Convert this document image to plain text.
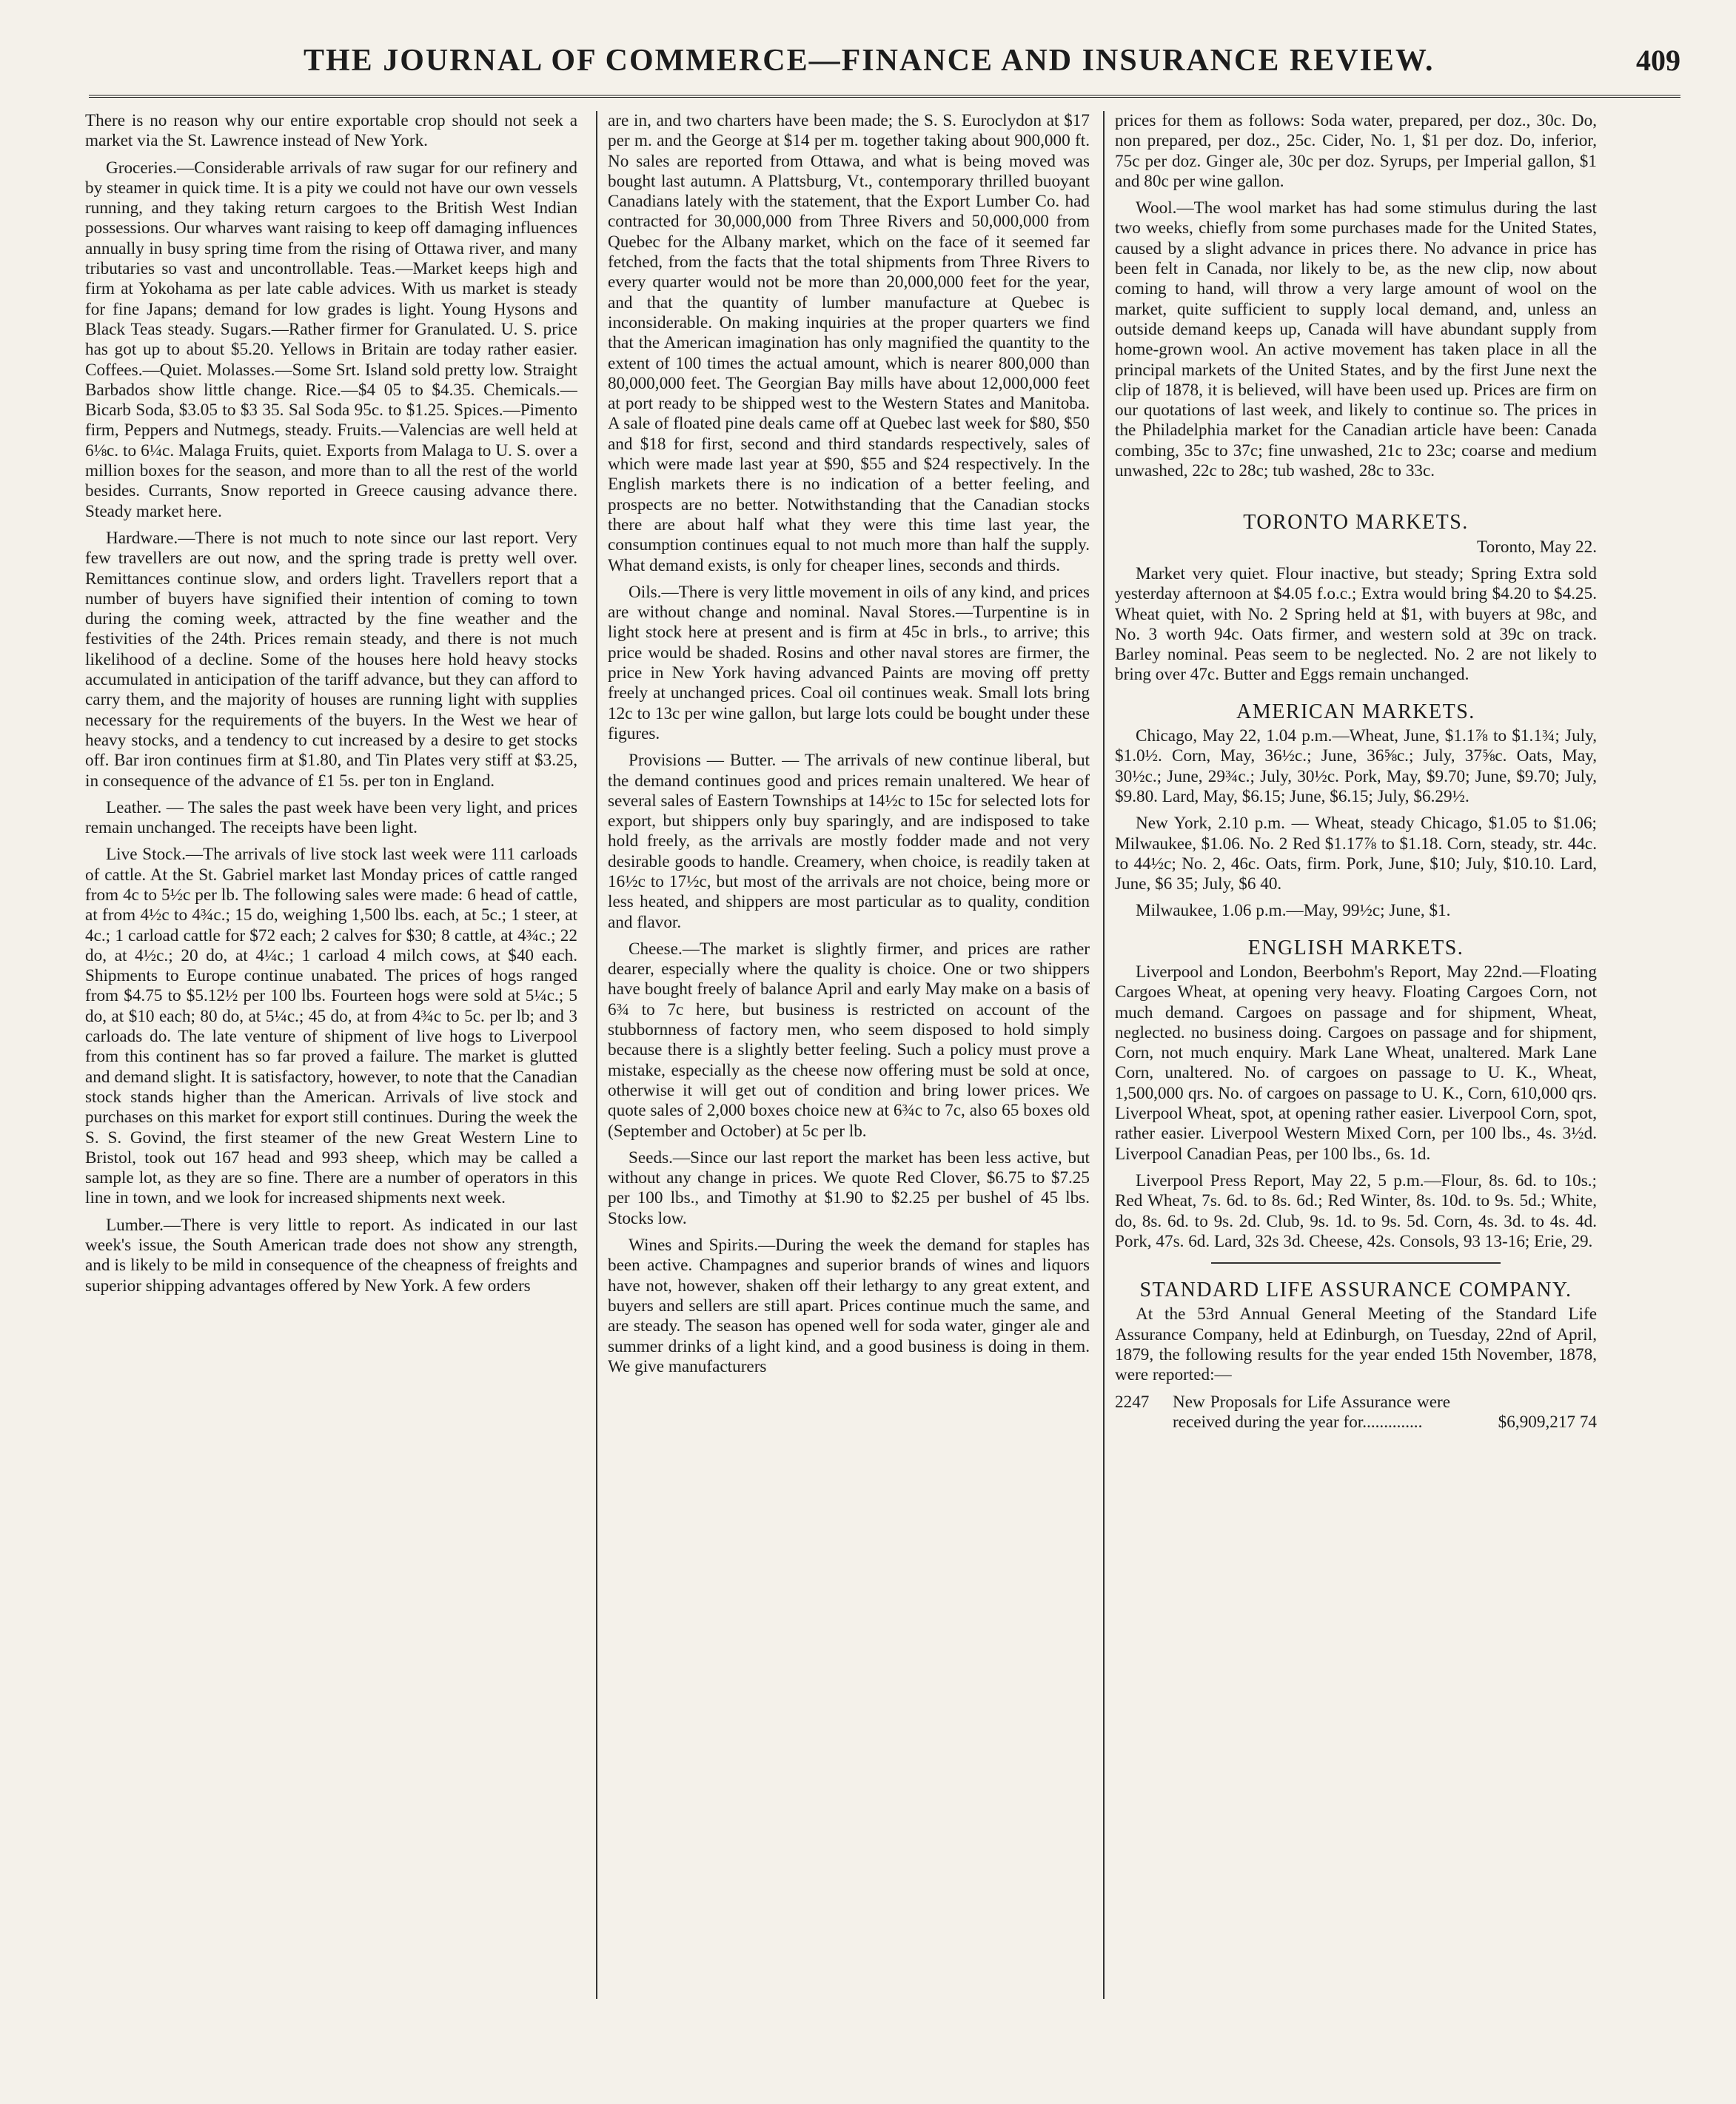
THE JOURNAL OF COMMERCE—FINANCE AND INSURANCE REVIEW.	409

There is no reason why our entire exportable crop should not seek a market via the St. Lawrence instead of New York.

Groceries.—Considerable arrivals of raw sugar for our refinery and by steamer in quick time. It is a pity we could not have our own vessels running, and they taking return cargoes to the British West Indian possessions. Our wharves want raising to keep off damaging influences annually in busy spring time from the rising of Ottawa river, and many tributaries so vast and uncontrollable. Teas.—Market keeps high and firm at Yokohama as per late cable advices. With us market is steady for fine Japans; demand for low grades is light. Young Hysons and Black Teas steady. Sugars.—Rather firmer for Granulated. U. S. price has got up to about $5.20. Yellows in Britain are today rather easier. Coffees.—Quiet. Molasses.—Some Srt. Island sold pretty low. Straight Barbados show little change. Rice.—$4 05 to $4.35. Chemicals.—Bicarb Soda, $3.05 to $3 35. Sal Soda 95c. to $1.25. Spices.—Pimento firm, Peppers and Nutmegs, steady. Fruits.—Valencias are well held at 6⅛c. to 6¼c. Malaga Fruits, quiet. Exports from Malaga to U. S. over a million boxes for the season, and more than to all the rest of the world besides. Currants, Snow reported in Greece causing advance there. Steady market here.

Hardware.—There is not much to note since our last report. Very few travellers are out now, and the spring trade is pretty well over. Remittances continue slow, and orders light. Travellers report that a number of buyers have signified their intention of coming to town during the coming week, attracted by the fine weather and the festivities of the 24th. Prices remain steady, and there is not much likelihood of a decline. Some of the houses here hold heavy stocks accumulated in anticipation of the tariff advance, but they can afford to carry them, and the majority of houses are running light with supplies necessary for the requirements of the buyers. In the West we hear of heavy stocks, and a tendency to cut increased by a desire to get stocks off. Bar iron continues firm at $1.80, and Tin Plates very stiff at $3.25, in consequence of the advance of £1 5s. per ton in England.

Leather. — The sales the past week have been very light, and prices remain unchanged. The receipts have been light.

Live Stock.—The arrivals of live stock last week were 111 carloads of cattle. At the St. Gabriel market last Monday prices of cattle ranged from 4c to 5½c per lb. The following sales were made: 6 head of cattle, at from 4½c to 4¾c.; 15 do, weighing 1,500 lbs. each, at 5c.; 1 steer, at 4c.; 1 carload cattle for $72 each; 2 calves for $30; 8 cattle, at 4¾c.; 22 do, at 4½c.; 20 do, at 4¼c.; 1 carload 4 milch cows, at $40 each. Shipments to Europe continue unabated. The prices of hogs ranged from $4.75 to $5.12½ per 100 lbs. Fourteen hogs were sold at 5¼c.; 5 do, at $10 each; 80 do, at 5¼c.; 45 do, at from 4¾c to 5c. per lb; and 3 carloads do. The late venture of shipment of live hogs to Liverpool from this continent has so far proved a failure. The market is glutted and demand slight. It is satisfactory, however, to note that the Canadian stock stands higher than the American. Arrivals of live stock and purchases on this market for export still continues. During the week the S. S. Govind, the first steamer of the new Great Western Line to Bristol, took out 167 head and 993 sheep, which may be called a sample lot, as they are so fine. There are a number of operators in this line in town, and we look for increased shipments next week.

Lumber.—There is very little to report. As indicated in our last week's issue, the South American trade does not show any strength, and is likely to be mild in consequence of the cheapness of freights and superior shipping advantages offered by New York. A few orders

are in, and two charters have been made; the S. S. Euroclydon at $17 per m. and the George at $14 per m. together taking about 900,000 ft. No sales are reported from Ottawa, and what is being moved was bought last autumn. A Plattsburg, Vt., contemporary thrilled buoyant Canadians lately with the statement, that the Export Lumber Co. had contracted for 30,000,000 from Three Rivers and 50,000,000 from Quebec for the Albany market, which on the face of it seemed far fetched, from the facts that the total shipments from Three Rivers to every quarter would not be more than 20,000,000 feet for the year, and that the quantity of lumber manufacture at Quebec is inconsiderable. On making inquiries at the proper quarters we find that the American imagination has only magnified the quantity to the extent of 100 times the actual amount, which is nearer 800,000 than 80,000,000 feet. The Georgian Bay mills have about 12,000,000 feet at port ready to be shipped west to the Western States and Manitoba. A sale of floated pine deals came off at Quebec last week for $80, $50 and $18 for first, second and third standards respectively, sales of which were made last year at $90, $55 and $24 respectively. In the English markets there is no indication of a better feeling, and prospects are no better. Notwithstanding that the Canadian stocks there are about half what they were this time last year, the consumption continues equal to not much more than half the supply. What demand exists, is only for cheaper lines, seconds and thirds.

Oils.—There is very little movement in oils of any kind, and prices are without change and nominal. Naval Stores.—Turpentine is in light stock here at present and is firm at 45c in brls., to arrive; this price would be shaded. Rosins and other naval stores are firmer, the price in New York having advanced Paints are moving off pretty freely at unchanged prices. Coal oil continues weak. Small lots bring 12c to 13c per wine gallon, but large lots could be bought under these figures.

Provisions — Butter. — The arrivals of new continue liberal, but the demand continues good and prices remain unaltered. We hear of several sales of Eastern Townships at 14½c to 15c for selected lots for export, but shippers only buy sparingly, and are indisposed to take hold freely, as the arrivals are mostly fodder made and not very desirable goods to handle. Creamery, when choice, is readily taken at 16½c to 17½c, but most of the arrivals are not choice, being more or less heated, and shippers are most particular as to quality, condition and flavor.

Cheese.—The market is slightly firmer, and prices are rather dearer, especially where the quality is choice. One or two shippers have bought freely of balance April and early May make on a basis of 6¾ to 7c here, but business is restricted on account of the stubbornness of factory men, who seem disposed to hold simply because there is a slightly better feeling. Such a policy must prove a mistake, especially as the cheese now offering must be sold at once, otherwise it will get out of condition and bring lower prices. We quote sales of 2,000 boxes choice new at 6¾c to 7c, also 65 boxes old (September and October) at 5c per lb.

Seeds.—Since our last report the market has been less active, but without any change in prices. We quote Red Clover, $6.75 to $7.25 per 100 lbs., and Timothy at $1.90 to $2.25 per bushel of 45 lbs. Stocks low.

Wines and Spirits.—During the week the demand for staples has been active. Champagnes and superior brands of wines and liquors have not, however, shaken off their lethargy to any great extent, and buyers and sellers are still apart. Prices continue much the same, and are steady. The season has opened well for soda water, ginger ale and summer drinks of a light kind, and a good business is doing in them. We give manufacturers

prices for them as follows: Soda water, prepared, per doz., 30c. Do, non prepared, per doz., 25c. Cider, No. 1, $1 per doz. Do, inferior, 75c per doz. Ginger ale, 30c per doz. Syrups, per Imperial gallon, $1 and 80c per wine gallon.

Wool.—The wool market has had some stimulus during the last two weeks, chiefly from some purchases made for the United States, caused by a slight advance in prices there. No advance in price has been felt in Canada, nor likely to be, as the new clip, now about coming to hand, will throw a very large amount of wool on the market, quite sufficient to supply local demand, and, unless an outside demand keeps up, Canada will have abundant supply from home-grown wool. An active movement has taken place in all the principal markets of the United States, and by the first June next the clip of 1878, it is believed, will have been used up. Prices are firm on our quotations of last week, and likely to continue so. The prices in the Philadelphia market for the Canadian article have been: Canada combing, 35c to 37c; fine unwashed, 21c to 23c; coarse and medium unwashed, 22c to 28c; tub washed, 28c to 33c.

TORONTO MARKETS.

Toronto, May 22.

Market very quiet. Flour inactive, but steady; Spring Extra sold yesterday afternoon at $4.05 f.o.c.; Extra would bring $4.20 to $4.25. Wheat quiet, with No. 2 Spring held at $1, with buyers at 98c, and No. 3 worth 94c. Oats firmer, and western sold at 39c on track. Barley nominal. Peas seem to be neglected. No. 2 are not likely to bring over 47c. Butter and Eggs remain unchanged.

AMERICAN MARKETS.

Chicago, May 22, 1.04 p.m.—Wheat, June, $1.1⅞ to $1.1¾; July, $1.0½. Corn, May, 36½c.; June, 36⅝c.; July, 37⅝c. Oats, May, 30½c.; June, 29¾c.; July, 30½c. Pork, May, $9.70; June, $9.70; July, $9.80. Lard, May, $6.15; June, $6.15; July, $6.29½.

New York, 2.10 p.m. — Wheat, steady Chicago, $1.05 to $1.06; Milwaukee, $1.06. No. 2 Red $1.17⅞ to $1.18. Corn, steady, str. 44c. to 44½c; No. 2, 46c. Oats, firm. Pork, June, $10; July, $10.10. Lard, June, $6 35; July, $6 40.

Milwaukee, 1.06 p.m.—May, 99½c; June, $1.

ENGLISH MARKETS.

Liverpool and London, Beerbohm's Report, May 22nd.—Floating Cargoes Wheat, at opening very heavy. Floating Cargoes Corn, not much demand. Cargoes on passage and for shipment, Wheat, neglected. no business doing. Cargoes on passage and for shipment, Corn, not much enquiry. Mark Lane Wheat, unaltered. Mark Lane Corn, unaltered. No. of cargoes on passage to U. K., Wheat, 1,500,000 qrs. No. of cargoes on passage to U. K., Corn, 610,000 qrs. Liverpool Wheat, spot, at opening rather easier. Liverpool Corn, spot, rather easier. Liverpool Western Mixed Corn, per 100 lbs., 4s. 3½d. Liverpool Canadian Peas, per 100 lbs., 6s. 1d.

Liverpool Press Report, May 22, 5 p.m.—Flour, 8s. 6d. to 10s.; Red Wheat, 7s. 6d. to 8s. 6d.; Red Winter, 8s. 10d. to 9s. 5d.; White, do, 8s. 6d. to 9s. 2d. Club, 9s. 1d. to 9s. 5d. Corn, 4s. 3d. to 4s. 4d. Pork, 47s. 6d. Lard, 32s 3d. Cheese, 42s. Consols, 93 13-16; Erie, 29.

STANDARD LIFE ASSURANCE COMPANY.

At the 53rd Annual General Meeting of the Standard Life Assurance Company, held at Edinburgh, on Tuesday, 22nd of April, 1879, the following results for the year ended 15th November, 1878, were reported:—

2247	New Proposals for Life Assurance were received during the year for..............	$6,909,217 74
